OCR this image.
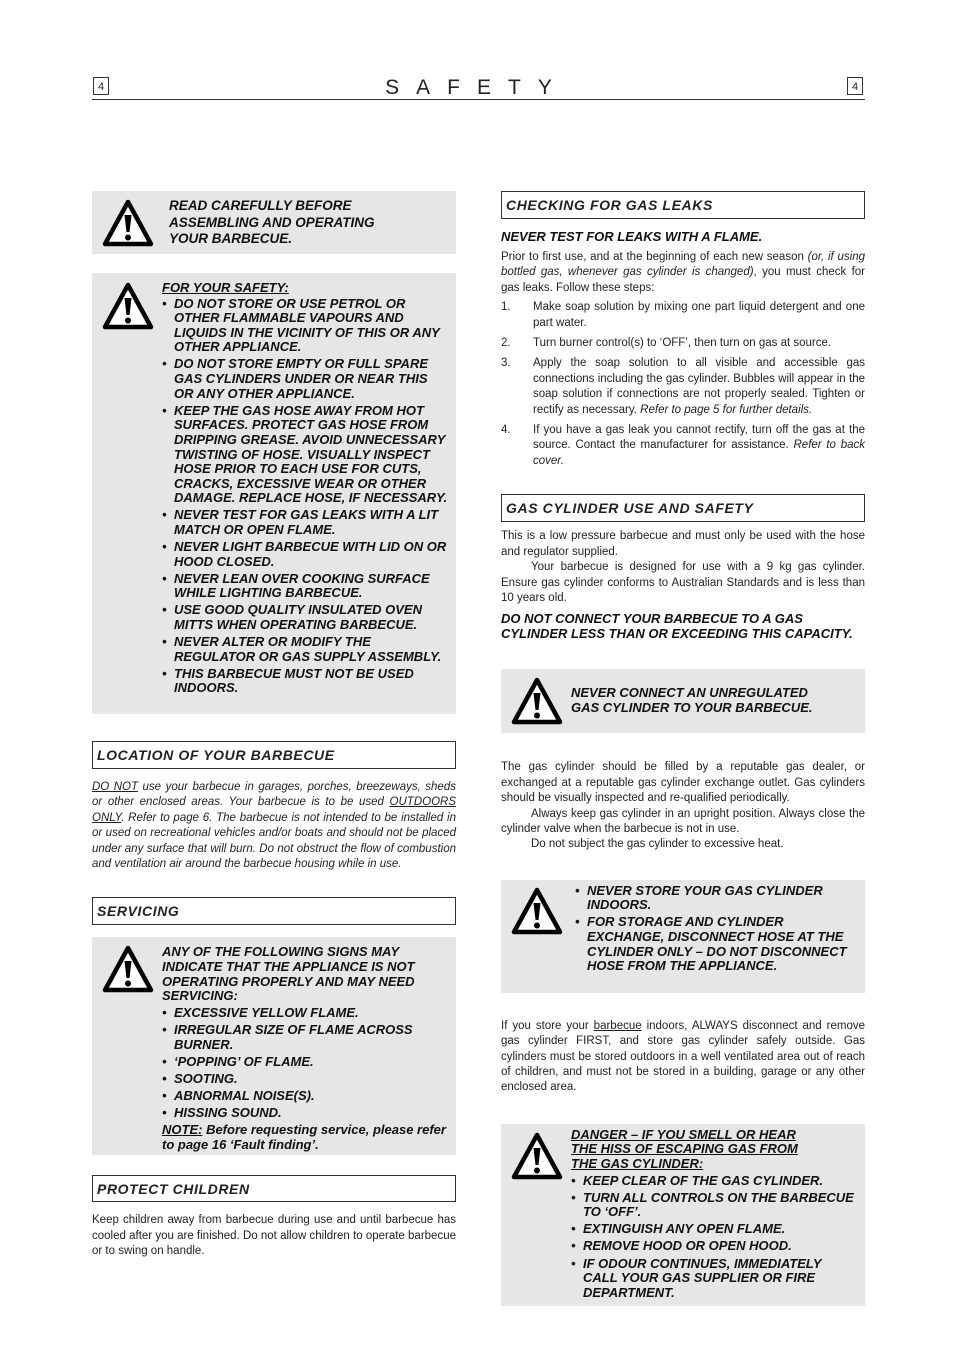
4	SAFETY	4
READ CAREFULLY BEFORE
ASSEMBLING AND OPERATING
YOUR BARBECUE.
FOR YOUR SAFETY:
• DO NOT STORE OR USE PETROL OR OTHER FLAMMABLE VAPOURS AND LIQUIDS IN THE VICINITY OF THIS OR ANY OTHER APPLIANCE.
• DO NOT STORE EMPTY OR FULL SPARE GAS CYLINDERS UNDER OR NEAR THIS OR ANY OTHER APPLIANCE.
• KEEP THE GAS HOSE AWAY FROM HOT SURFACES. PROTECT GAS HOSE FROM DRIPPING GREASE. AVOID UNNECESSARY TWISTING OF HOSE. VISUALLY INSPECT HOSE PRIOR TO EACH USE FOR CUTS, CRACKS, EXCESSIVE WEAR OR OTHER DAMAGE. REPLACE HOSE, IF NECESSARY.
• NEVER TEST FOR GAS LEAKS WITH A LIT MATCH OR OPEN FLAME.
• NEVER LIGHT BARBECUE WITH LID ON OR HOOD CLOSED.
• NEVER LEAN OVER COOKING SURFACE WHILE LIGHTING BARBECUE.
• USE GOOD QUALITY INSULATED OVEN MITTS WHEN OPERATING BARBECUE.
• NEVER ALTER OR MODIFY THE REGULATOR OR GAS SUPPLY ASSEMBLY.
• THIS BARBECUE MUST NOT BE USED INDOORS.
LOCATION OF YOUR BARBECUE
DO NOT use your barbecue in garages, porches, breezeways, sheds or other enclosed areas. Your barbecue is to be used OUTDOORS ONLY. Refer to page 6. The barbecue is not intended to be installed in or used on recreational vehicles and/or boats and should not be placed under any surface that will burn. Do not obstruct the flow of combustion and ventilation air around the barbecue housing while in use.
SERVICING
ANY OF THE FOLLOWING SIGNS MAY INDICATE THAT THE APPLIANCE IS NOT OPERATING PROPERLY AND MAY NEED SERVICING:
• EXCESSIVE YELLOW FLAME.
• IRREGULAR SIZE OF FLAME ACROSS BURNER.
• ‘POPPING’ OF FLAME.
• SOOTING.
• ABNORMAL NOISE(S).
• HISSING SOUND.
NOTE: Before requesting service, please refer to page 16 ‘Fault finding’.
PROTECT CHILDREN
Keep children away from barbecue during use and until barbecue has cooled after you are finished. Do not allow children to operate barbecue or to swing on handle.
CHECKING FOR GAS LEAKS
NEVER TEST FOR LEAKS WITH A FLAME.
Prior to first use, and at the beginning of each new season (or, if using bottled gas, whenever gas cylinder is changed), you must check for gas leaks. Follow these steps:
1. Make soap solution by mixing one part liquid detergent and one part water.
2. Turn burner control(s) to ‘OFF’, then turn on gas at source.
3. Apply the soap solution to all visible and accessible gas connections including the gas cylinder. Bubbles will appear in the soap solution if connections are not properly sealed. Tighten or rectify as necessary. Refer to page 5 for further details.
4. If you have a gas leak you cannot rectify, turn off the gas at the source. Contact the manufacturer for assistance. Refer to back cover.
GAS CYLINDER USE AND SAFETY
This is a low pressure barbecue and must only be used with the hose and regulator supplied.
Your barbecue is designed for use with a 9 kg gas cylinder. Ensure gas cylinder conforms to Australian Standards and is less than 10 years old.
DO NOT CONNECT YOUR BARBECUE TO A GAS CYLINDER LESS THAN OR EXCEEDING THIS CAPACITY.
NEVER CONNECT AN UNREGULATED
GAS CYLINDER TO YOUR BARBECUE.
The gas cylinder should be filled by a reputable gas dealer, or exchanged at a reputable gas cylinder exchange outlet. Gas cylinders should be visually inspected and re-qualified periodically.
Always keep gas cylinder in an upright position. Always close the cylinder valve when the barbecue is not in use.
Do not subject the gas cylinder to excessive heat.
• NEVER STORE YOUR GAS CYLINDER INDOORS.
• FOR STORAGE AND CYLINDER EXCHANGE, DISCONNECT HOSE AT THE CYLINDER ONLY – DO NOT DISCONNECT HOSE FROM THE APPLIANCE.
If you store your barbecue indoors, ALWAYS disconnect and remove gas cylinder FIRST, and store gas cylinder safely outside. Gas cylinders must be stored outdoors in a well ventilated area out of reach of children, and must not be stored in a building, garage or any other enclosed area.
DANGER – IF YOU SMELL OR HEAR THE HISS OF ESCAPING GAS FROM THE GAS CYLINDER:
• KEEP CLEAR OF THE GAS CYLINDER.
• TURN ALL CONTROLS ON THE BARBECUE TO ‘OFF’.
• EXTINGUISH ANY OPEN FLAME.
• REMOVE HOOD OR OPEN HOOD.
• IF ODOUR CONTINUES, IMMEDIATELY CALL YOUR GAS SUPPLIER OR FIRE DEPARTMENT.
